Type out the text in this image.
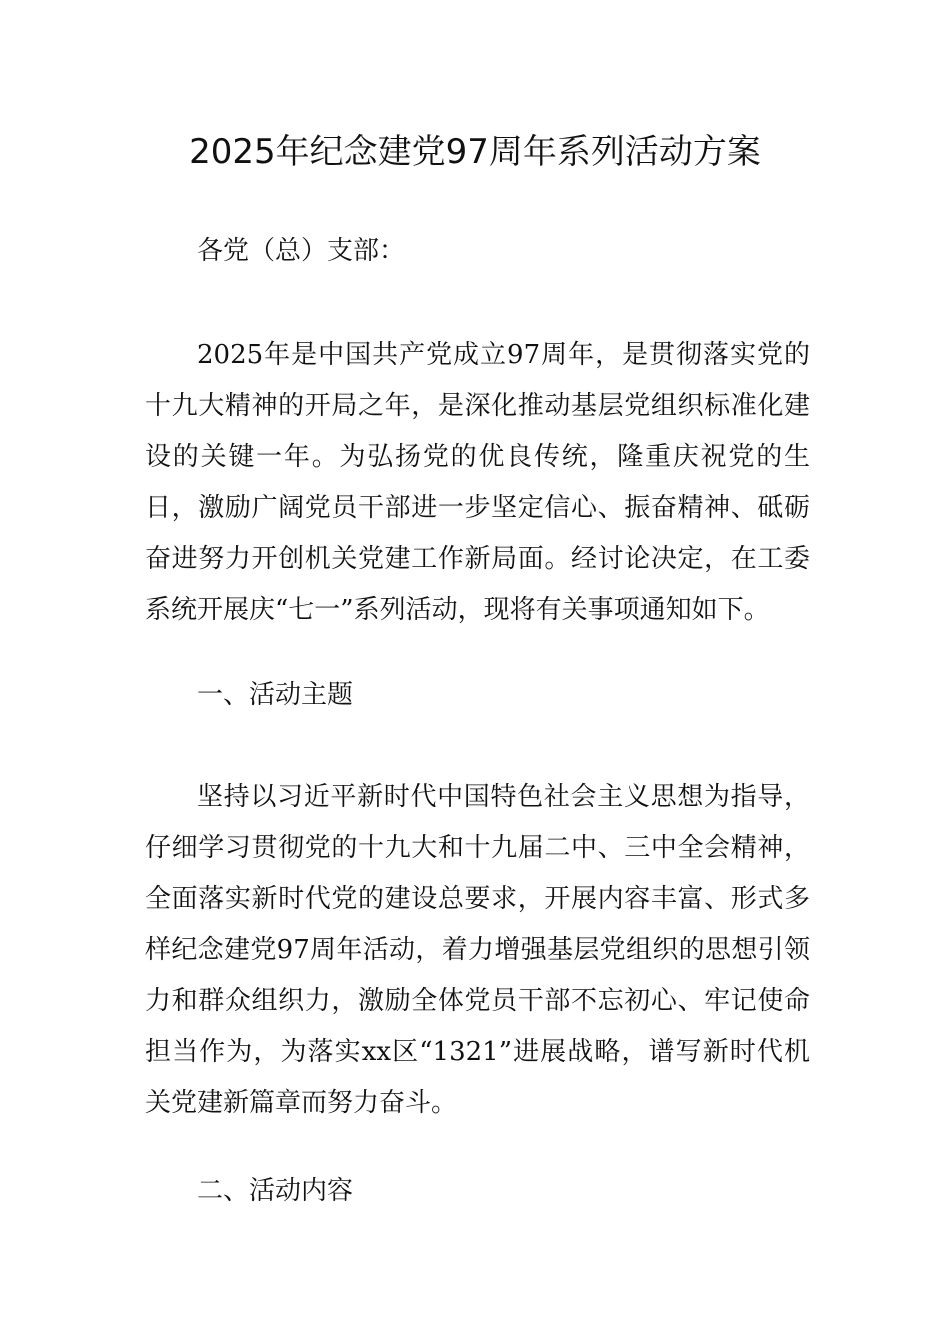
2025年纪念建党97周年系列活动方案

各党（总）支部：

2025年是中国共产党成立97周年，是贯彻落实党的十九大精神的开局之年，是深化推动基层党组织标准化建设的关键一年。为弘扬党的优良传统，隆重庆祝党的生日，激励广阔党员干部进一步坚定信心、振奋精神、砥砺奋进努力开创机关党建工作新局面。经讨论决定，在工委系统开展庆“七一”系列活动，现将有关事项通知如下。

一、活动主题

坚持以习近平新时代中国特色社会主义思想为指导，仔细学习贯彻党的十九大和十九届二中、三中全会精神，全面落实新时代党的建设总要求，开展内容丰富、形式多样纪念建党97周年活动，着力增强基层党组织的思想引领力和群众组织力，激励全体党员干部不忘初心、牢记使命担当作为，为落实xx区“1321”进展战略，谱写新时代机关党建新篇章而努力奋斗。

二、活动内容
